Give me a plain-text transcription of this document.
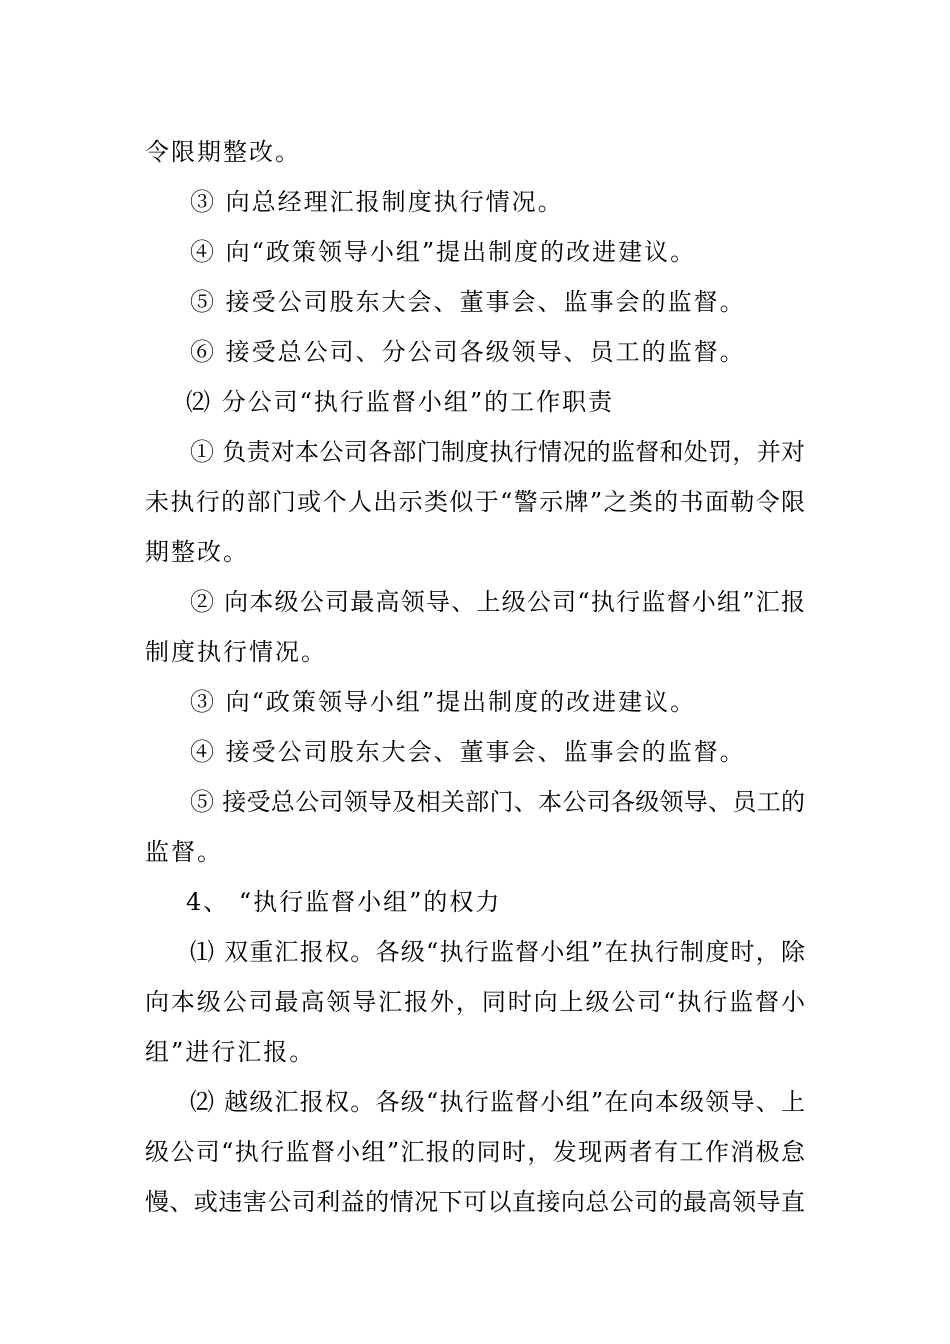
令限期整改。
③ 向总经理汇报制度执行情况。
④ 向“政策领导小组”提出制度的改进建议。
⑤ 接受公司股东大会、董事会、监事会的监督。
⑥ 接受总公司、分公司各级领导、员工的监督。
⑵ 分公司“执行监督小组”的工作职责
① 负责对本公司各部门制度执行情况的监督和处罚，并对
未执行的部门或个人出示类似于“警示牌”之类的书面勒令限
期整改。
② 向本级公司最高领导、上级公司“执行监督小组”汇报
制度执行情况。
③ 向“政策领导小组”提出制度的改进建议。
④ 接受公司股东大会、董事会、监事会的监督。
⑤ 接受总公司领导及相关部门、本公司各级领导、员工的
监督。
4、 “执行监督小组”的权力
⑴ 双重汇报权。各级“执行监督小组”在执行制度时，除
向本级公司最高领导汇报外，同时向上级公司“执行监督小
组”进行汇报。
⑵ 越级汇报权。各级“执行监督小组”在向本级领导、上
级公司“执行监督小组”汇报的同时，发现两者有工作消极怠
慢、或违害公司利益的情况下可以直接向总公司的最高领导直
